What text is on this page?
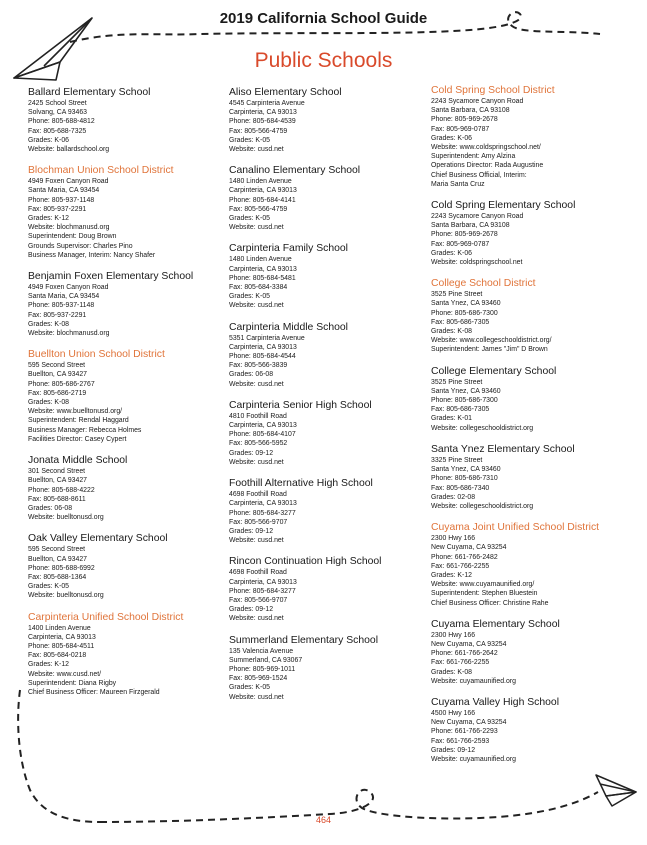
2019 California School Guide
Public Schools
Ballard Elementary School
2425 School Street
Solvang, CA 93463
Phone: 805-688-4812
Fax: 805-688-7325
Grades: K-06
Website: ballardschool.org
Blochman Union School District
4949 Foxen Canyon Road
Santa Maria, CA 93454
Phone: 805-937-1148
Fax: 805-937-2291
Grades: K-12
Website: blochmanusd.org
Superintendent: Doug Brown
Grounds Supervisor: Charles Pino
Business Manager, Interim: Nancy Shafer
Benjamin Foxen Elementary School
4949 Foxen Canyon Road
Santa Maria, CA 93454
Phone: 805-937-1148
Fax: 805-937-2291
Grades: K-08
Website: blochmanusd.org
Buellton Union School District
595 Second Street
Buellton, CA 93427
Phone: 805-686-2767
Fax: 805-686-2719
Grades: K-08
Website: www.buelltonusd.org/
Superintendent: Rendal Haggard
Business Manager: Rebecca Holmes
Facilities Director: Casey Cypert
Jonata Middle School
301 Second Street
Buellton, CA 93427
Phone: 805-688-4222
Fax: 805-688-8611
Grades: 06-08
Website: buelltonusd.org
Oak Valley Elementary School
595 Second Street
Buellton, CA 93427
Phone: 805-688-6992
Fax: 805-688-1364
Grades: K-05
Website: buelltonusd.org
Carpinteria Unified School District
1400 Linden Avenue
Carpinteria, CA 93013
Phone: 805-684-4511
Fax: 805-684-0218
Grades: K-12
Website: www.cusd.net/
Superintendent: Diana Rigby
Chief Business Officer: Maureen Firzgerald
Aliso Elementary School
4545 Carpinteria Avenue
Carpinteria, CA 93013
Phone: 805-684-4539
Fax: 805-566-4759
Grades: K-05
Website: cusd.net
Canalino Elementary School
1480 Linden Avenue
Carpinteria, CA 93013
Phone: 805-684-4141
Fax: 805-566-4759
Grades: K-05
Website: cusd.net
Carpinteria Family School
1480 Linden Avenue
Carpinteria, CA 93013
Phone: 805-684-5481
Fax: 805-684-3384
Grades: K-05
Website: cusd.net
Carpinteria Middle School
5351 Carpinteria Avenue
Carpinteria, CA 93013
Phone: 805-684-4544
Fax: 805-566-3839
Grades: 06-08
Website: cusd.net
Carpinteria Senior High School
4810 Foothill Road
Carpinteria, CA 93013
Phone: 805-684-4107
Fax: 805-566-5952
Grades: 09-12
Website: cusd.net
Foothill Alternative High School
4698 Foothill Road
Carpinteria, CA 93013
Phone: 805-684-3277
Fax: 805-566-9707
Grades: 09-12
Website: cusd.net
Rincon Continuation High School
4698 Foothill Road
Carpinteria, CA 93013
Phone: 805-684-3277
Fax: 805-566-9707
Grades: 09-12
Website: cusd.net
Summerland Elementary School
135 Valencia Avenue
Summerland, CA 93067
Phone: 805-969-1011
Fax: 805-969-1524
Grades: K-05
Website: cusd.net
Cold Spring School District
2243 Sycamore Canyon Road
Santa Barbara, CA 93108
Phone: 805-969-2678
Fax: 805-969-0787
Grades: K-06
Website: www.coldspringschool.net/
Superintendent: Amy Alzina
Operations Director: Rada Augustine
Chief Business Official, Interim:
Maria Santa Cruz
Cold Spring Elementary School
2243 Sycamore Canyon Road
Santa Barbara, CA 93108
Phone: 805-969-2678
Fax: 805-969-0787
Grades: K-06
Website: coldspringschool.net
College School District
3525 Pine Street
Santa Ynez, CA 93460
Phone: 805-686-7300
Fax: 805-686-7305
Grades: K-08
Website: www.collegeschooldistrict.org/
Superintendent: James "Jim" D Brown
College Elementary School
3525 Pine Street
Santa Ynez, CA 93460
Phone: 805-686-7300
Fax: 805-686-7305
Grades: K-01
Website: collegeschooldistrict.org
Santa Ynez Elementary School
3325 Pine Street
Santa Ynez, CA 93460
Phone: 805-686-7310
Fax: 805-686-7340
Grades: 02-08
Website: collegeschooldistrict.org
Cuyama Joint Unified School District
2300 Hwy 166
New Cuyama, CA 93254
Phone: 661-766-2482
Fax: 661-766-2255
Grades: K-12
Website: www.cuyamaunified.org/
Superintendent: Stephen Bluestein
Chief Business Officer: Christine Rahe
Cuyama Elementary School
2300 Hwy 166
New Cuyama, CA 93254
Phone: 661-766-2642
Fax: 661-766-2255
Grades: K-08
Website: cuyamaunified.org
Cuyama Valley High School
4500 Hwy 166
New Cuyama, CA 93254
Phone: 661-766-2293
Fax: 661-766-2593
Grades: 09-12
Website: cuyamaunified.org
464
